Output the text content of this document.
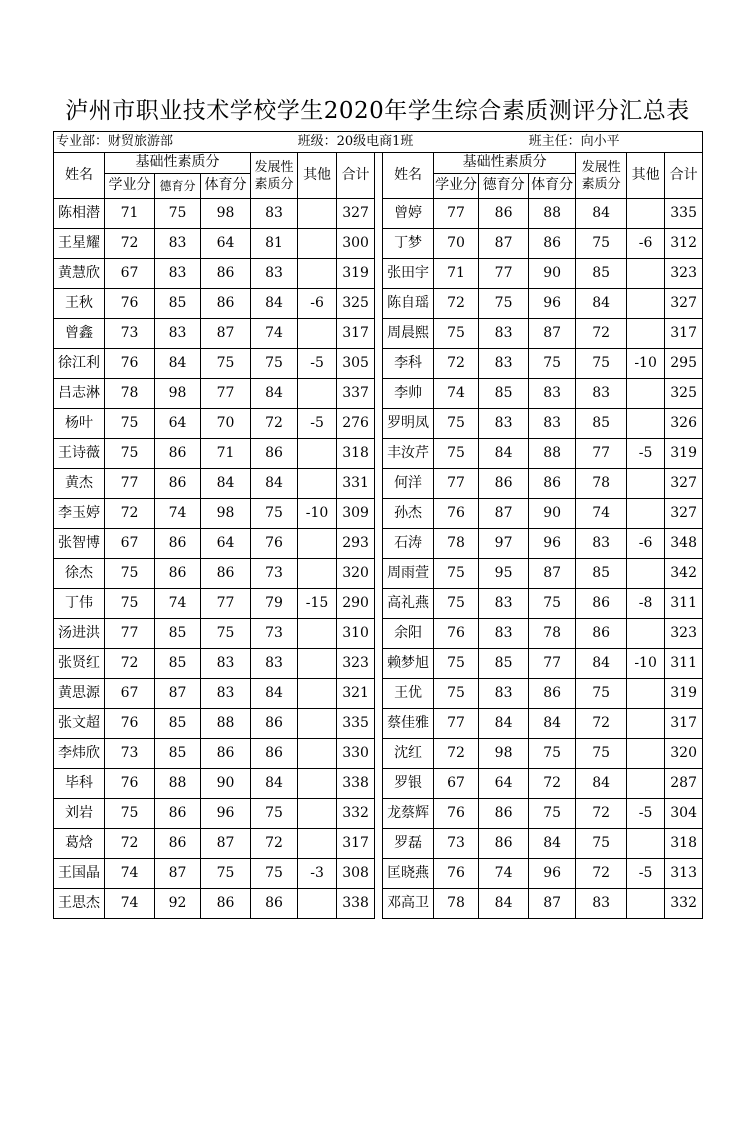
泸州市职业技术学校学生2020年学生综合素质测评分汇总表
专业部：财贸旅游部					班级：20级电商1班						班主任：向小平			
姓名	基础性素质分			发展性素质分	其他	合计		姓名	基础性素质分			发展性素质分	其他	合计
	学业分	德育分	体育分						学业分	德育分	体育分			
陈相潜	71	75	98	83		327		曾婷	77	86	88	84		335
王星耀	72	83	64	81		300		丁梦	70	87	86	75	-6	312
黄慧欣	67	83	86	83		319		张田宇	71	77	90	85		323
王秋	76	85	86	84	-6	325		陈自瑶	72	75	96	84		327
曾鑫	73	83	87	74		317		周晨熙	75	83	87	72		317
徐江利	76	84	75	75	-5	305		李科	72	83	75	75	-10	295
吕志淋	78	98	77	84		337		李帅	74	85	83	83		325
杨叶	75	64	70	72	-5	276		罗明凤	75	83	83	85		326
王诗薇	75	86	71	86		318		丰汝芹	75	84	88	77	-5	319
黄杰	77	86	84	84		331		何洋	77	86	86	78		327
李玉婷	72	74	98	75	-10	309		孙杰	76	87	90	74		327
张智博	67	86	64	76		293		石涛	78	97	96	83	-6	348
徐杰	75	86	86	73		320		周雨萱	75	95	87	85		342
丁伟	75	74	77	79	-15	290		高礼燕	75	83	75	86	-8	311
汤进洪	77	85	75	73		310		余阳	76	83	78	86		323
张贤红	72	85	83	83		323		赖梦旭	75	85	77	84	-10	311
黄思源	67	87	83	84		321		王优	75	83	86	75		319
张文超	76	85	88	86		335		蔡佳雅	77	84	84	72		317
李炜欣	73	85	86	86		330		沈红	72	98	75	75		320
毕科	76	88	90	84		338		罗银	67	64	72	84		287
刘岩	75	86	96	75		332		龙蔡辉	76	86	75	72	-5	304
葛焓	72	86	87	72		317		罗磊	73	86	84	75		318
王国晶	74	87	75	75	-3	308		匡晓燕	76	74	96	72	-5	313
王思杰	74	92	86	86		338		邓高卫	78	84	87	83		332
